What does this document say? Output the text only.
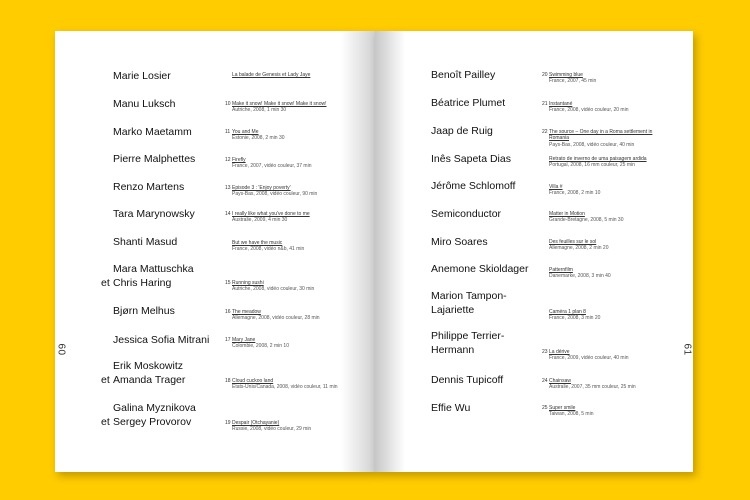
60
Marie Losier	La balade de Genesis et Lady Jaye
Manu Luksch	10 Make it snow! Make it snow! Make it snow!
Autriche, 2008, 1 min 30
Marko Maetamm	11 You and Me
Estonie, 2008, 2 min 30
Pierre Malphettes	12 Firefly
France, 2007, vidéo couleur, 37 min
Renzo Martens	13 Episode 3 : 'Enjoy poverty'
Pays-Bas, 2008, vidéo couleur, 90 min
Tara Marynowsky	14 I really like what you've done to me
Australie, 2009, 4 min 30
Shanti Masud	But we have the music
France, 2008, vidéo n&b, 41 min
Mara Mattuschka
et Chris Haring	15 Running sushi
Autriche, 2008, vidéo couleur, 30 min
Bjørn Melhus	16 The meadow
Allemagne, 2008, vidéo couleur, 28 min
Jessica Sofia Mitrani	17 Mary Jane
Colombie, 2008, 2 min 10
Erik Moskowitz
et Amanda Trager	18 Cloud cuckoo land
États-Unis/Canada, 2008, vidéo couleur, 11 min
Galina Myznikova
et Sergey Provorov	19 Despair (Otchayanie)
Russie, 2008, vidéo couleur, 29 min
61
Benoît Pailley	20 Swimming blue
France, 2007, 45 min
Béatrice Plumet	21 Instantané
France, 2008, vidéo couleur, 20 min
Jaap de Ruig	22 The source – One day in a Roma settlement in
Romania
Pays-Bas, 2008, vidéo couleur, 40 min
Inês Sapeta Dias	Retrato de inverno de uma paisagem ardida
Portugal, 2008, 16 mm couleur, 25 min
Jérôme Schlomoff	Villa #
France, 2008, 2 min 10
Semiconductor	Matter in Motion
Grande-Bretagne, 2008, 5 min 30
Miro Soares	Des feuilles sur le sol
Allemagne, 2008, 2 min 20
Anemone Skioldager	Patternfilm
Danemarke, 2008, 3 min 40
Marion Tampon-
Lajariette	Caméra 1 plan 8
France, 2008, 3 min 20
Philippe Terrier-
Hermann	23 La dérive
France, 2009, vidéo couleur, 40 min
Dennis Tupicoff	24 Chainsaw
Australie, 2007, 35 mm couleur, 25 min
Effie Wu	25 Super smile
Taiwan, 2008, 5 min
